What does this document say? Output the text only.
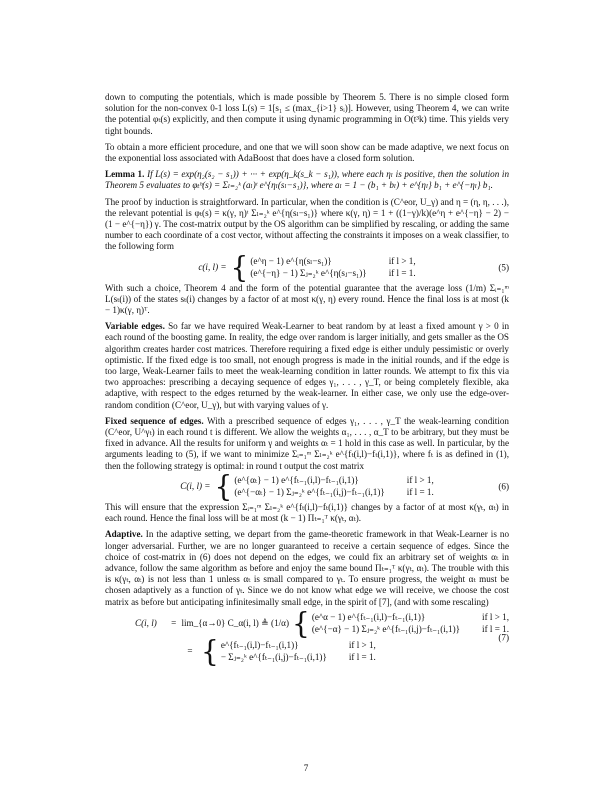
down to computing the potentials, which is made possible by Theorem 5. There is no simple closed form solution for the non-convex 0-1 loss L(s) = 1[s₁ ≤ (max_{i>1} sᵢ)]. However, using Theorem 4, we can write the potential φₜ(s) explicitly, and then compute it using dynamic programming in O(t³k) time. This yields very tight bounds.

To obtain a more efficient procedure, and one that we will soon show can be made adaptive, we next focus on the exponential loss associated with AdaBoost that does have a closed form solution.

Lemma 1. If L(s) = exp(η₂(s₂ − s₁)) + ··· + exp(η_k(s_k − s₁)), where each ηₗ is positive, then the solution in Theorem 5 evaluates to φₜᵇ(s) = Σₗ₌₂ᵏ (aₗ)ᵗ e^{ηₗ(sₗ−s₁)}, where aₗ = 1 − (b₁ + bₗ) + e^{ηₗ} b₁ + e^{−ηₗ} b₁.

The proof by induction is straightforward. In particular, when the condition is (C^eor, U_γ) and η = (η, η, . . .), the relevant potential is φₜ(s) = κ(γ, η)ᵗ Σₗ₌₂ᵏ e^{η(sₗ−s₁)} where κ(γ, η) = 1 + ((1−γ)/k)(e^η + e^{−η} − 2) − (1 − e^{−η}) γ. The cost-matrix output by the OS algorithm can be simplified by rescaling, or adding the same number to each coordinate of a cost vector, without affecting the constraints it imposes on a weak classifier, to the following form

c(i, l) = { (e^η − 1) e^{η(sₗ−s₁)}	if l > 1,
(e^{−η} − 1) Σⱼ₌₂ᵏ e^{η(sⱼ−s₁)} if l = 1.
(5)

With such a choice, Theorem 4 and the form of the potential guarantee that the average loss (1/m) Σᵢ₌₁ᵐ L(sₜ(i)) of the states sₜ(i) changes by a factor of at most κ(γ, η) every round. Hence the final loss is at most (k − 1)κ(γ, η)ᵀ.

Variable edges. So far we have required Weak-Learner to beat random by at least a fixed amount γ > 0 in each round of the boosting game. In reality, the edge over random is larger initially, and gets smaller as the OS algorithm creates harder cost matrices. Therefore requiring a fixed edge is either unduly pessimistic or overly optimistic. If the fixed edge is too small, not enough progress is made in the initial rounds, and if the edge is too large, Weak-Learner fails to meet the weak-learning condition in latter rounds. We attempt to fix this via two approaches: prescribing a decaying sequence of edges γ₁, . . . , γ_T, or being completely flexible, aka adaptive, with respect to the edges returned by the weak-learner. In either case, we only use the edge-over-random condition (C^eor, U_γ), but with varying values of γ.

Fixed sequence of edges. With a prescribed sequence of edges γ₁, . . . , γ_T the weak-learning condition (C^eor, U^γₜ) in each round t is different. We allow the weights α₁, . . . , α_T to be arbitrary, but they must be fixed in advance. All the results for uniform γ and weights αₜ = 1 hold in this case as well. In particular, by the arguments leading to (5), if we want to minimize Σᵢ₌₁ᵐ Σₗ₌₂ᵏ e^{fₜ(i,l)−fₜ(i,1)}, where fₜ is as defined in (1), then the following strategy is optimal: in round t output the cost matrix

C(i, l) = { (e^{αₜ} − 1) e^{fₜ₋₁(i,l)−fₜ₋₁(i,1)}	if l > 1,
(e^{−αₜ} − 1) Σⱼ₌₂ᵏ e^{fₜ₋₁(i,j)−fₜ₋₁(i,1)} if l = 1.
(6)

This will ensure that the expression Σᵢ₌₁ᵐ Σₗ₌₂ᵏ e^{fₜ(i,l)−fₜ(i,1)} changes by a factor of at most κ(γₜ, αₜ) in each round. Hence the final loss will be at most (k − 1) Πₜ₌₁ᵀ κ(γₜ, αₜ).

Adaptive. In the adaptive setting, we depart from the game-theoretic framework in that Weak-Learner is no longer adversarial. Further, we are no longer guaranteed to receive a certain sequence of edges. Since the choice of cost-matrix in (6) does not depend on the edges, we could fix an arbitrary set of weights αₜ in advance, follow the same algorithm as before and enjoy the same bound Πₜ₌₁ᵀ κ(γₜ, αₜ). The trouble with this is κ(γₜ, αₜ) is not less than 1 unless αₜ is small compared to γₜ. To ensure progress, the weight αₜ must be chosen adaptively as a function of γₜ. Since we do not know what edge we will receive, we choose the cost matrix as before but anticipating infinitesimally small edge, in the spirit of [7], (and with some rescaling)

C(i, l)	= lim_{α→0} C_α(i, l) ≜ (1/α) { (e^α − 1) e^{fₜ₋₁(i,l)−fₜ₋₁(i,1)}	if l > 1,
(e^{−α} − 1) Σⱼ₌₂ᵏ e^{fₜ₋₁(i,j)−fₜ₋₁(i,1)} if l = 1.
= { e^{fₜ₋₁(i,l)−fₜ₋₁(i,1)}	if l > 1,
− Σⱼ₌₂ᵏ e^{fₜ₋₁(i,j)−fₜ₋₁(i,1)} if l = 1.
(7)
7
